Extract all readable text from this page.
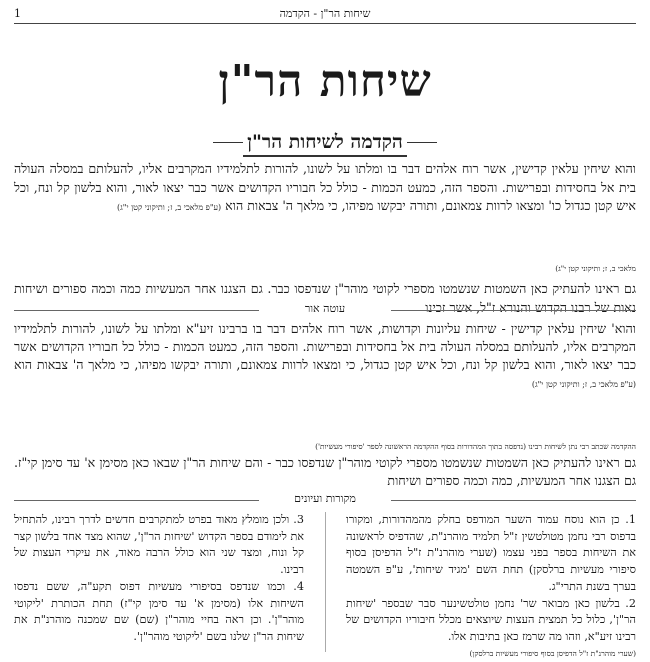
שיחות הר"ן - הקדמה
1
שיחות הר"ן
הקדמה לשיחות הר"ן
והוא שיחין עלאין קדישין, אשר רוח אלהים דבר בו ומלתו על לשונו, להורות לתלמידיו המקרבים אליו, להעלותם במסלה העולה בית אל בחסידות ובפרישות. והספר הזה, כמעט הכמות - כולל כל חבוריו הקדושים אשר כבר יצאו לאור, והוא בלשון קל ונח, וכל איש קטן כגדול כו' ומצאו לרוות צמאונם, ותורה יבקשו מפיהו, כי מלאך ה' צבאות הוא (ע"פ מלאכי ב, ז; ותיקוני קטן י"ג)
מלאכי ב, ז; ותיקוני קטן י"ג)
גם ראינו להעתיק כאן השמטות שנשמטו מספרי לקוטי מוהר"ן שנדפסו כבר. גם הצגנו אחר המעשיות כמה וכמה ספורים ושיחות נאות של רבנו הקדוש והנורא ז"ל, אשר זכינו
עוטה אור
והוא' שיחין עלאין קדישין - שיחות עליונות וקדושות, אשר רוח אלהים דבר בו ברבינו זיע"א ומלתו על לשונו, להורות לתלמידיו המקרבים אליו, להעלותם במסלה העולה בית אל בחסידות ובפרישות. והספר הזה, כמעט הכמות - כולל כל חבוריו הקדושים אשר כבר יצאו לאור, והוא בלשון קל ונח, וכל איש קטן כגדול, כי ומצאו לרוות צמאונם, ותורה יבקשו מפיהו, כי מלאך ה' צבאות הוא (ע"פ מלאכי ב, ז; ותיקוני קטן י"ג)
ההקדמה שכתב רבי נתן לשיחות רבינו (נדפסה בתוך המהדורות בסוף ההקדמה הראשונה לספר 'סיפורי מעשיות')
גם ראינו להעתיק כאן השמטות שנשמטו מספרי לקוטי מוהר"ן שנדפסו כבר - והם שיחות הר"ן שבאו כאן מסימן א' עד סימן קי"ז. גם הצגנו אחר המעשיות, כמה וכמה ספורים ושיחות
מקורות ועיונים

1. כן הוא נוסח עמוד השער המודפס בחלק מהמהדורות, ומקורו בדפוס רבי נחמן מטולטשין ז"ל תלמיד מוהרנ"ת, שהדפיס לראשונה את השיחות בספר בפני עצמו (שערי מוהרנ"ת ז"ל הדפיסן בסוף סיפורי מעשיות ברלסקן) תחת השם 'מגיד שיחות', ע"פ השמטה בערך בשנת התרי"ג.

2. בלשון כאן מבואר שר' נחמן טולטשינער סבר שבספר 'שיחות הר"ן', כלול כל תמצית העצות שיוצאים מכלל חיבוריו הקדושים של רבינו זיע"א, וזהו מה שרמז כאן בתיבות אלו.

(שערי מוהרנ"ת ז"ל הדפיסן בסוף סיפורי מעשיות ברלסקן)

3. ולכן מומלץ מאוד בפרט למתקרבים חדשים לדרך רבינו, להתחיל את לימודם בספר הקדוש 'שיחות הר"ן', שהוא מצד אחד בלשון קצר קל ונוח, ומצד שני הוא כולל הרבה מאוד, את עיקרי העצות של רבינו.

4. וכמו שנדפס בסיפורי מעשיות דפוס תקע"ה, ששם נדפסו השיחות אלו (מסימן א' עד סימן קי"ז) תחת הכותרת 'ליקוטי מוהר"ן'. וכן ראה בחיי מוהר"ן (שם) שם שמכנה מוהרנ"ת את שיחות הר"ן שלנו בשם 'ליקוטי מוהר"ן'.
